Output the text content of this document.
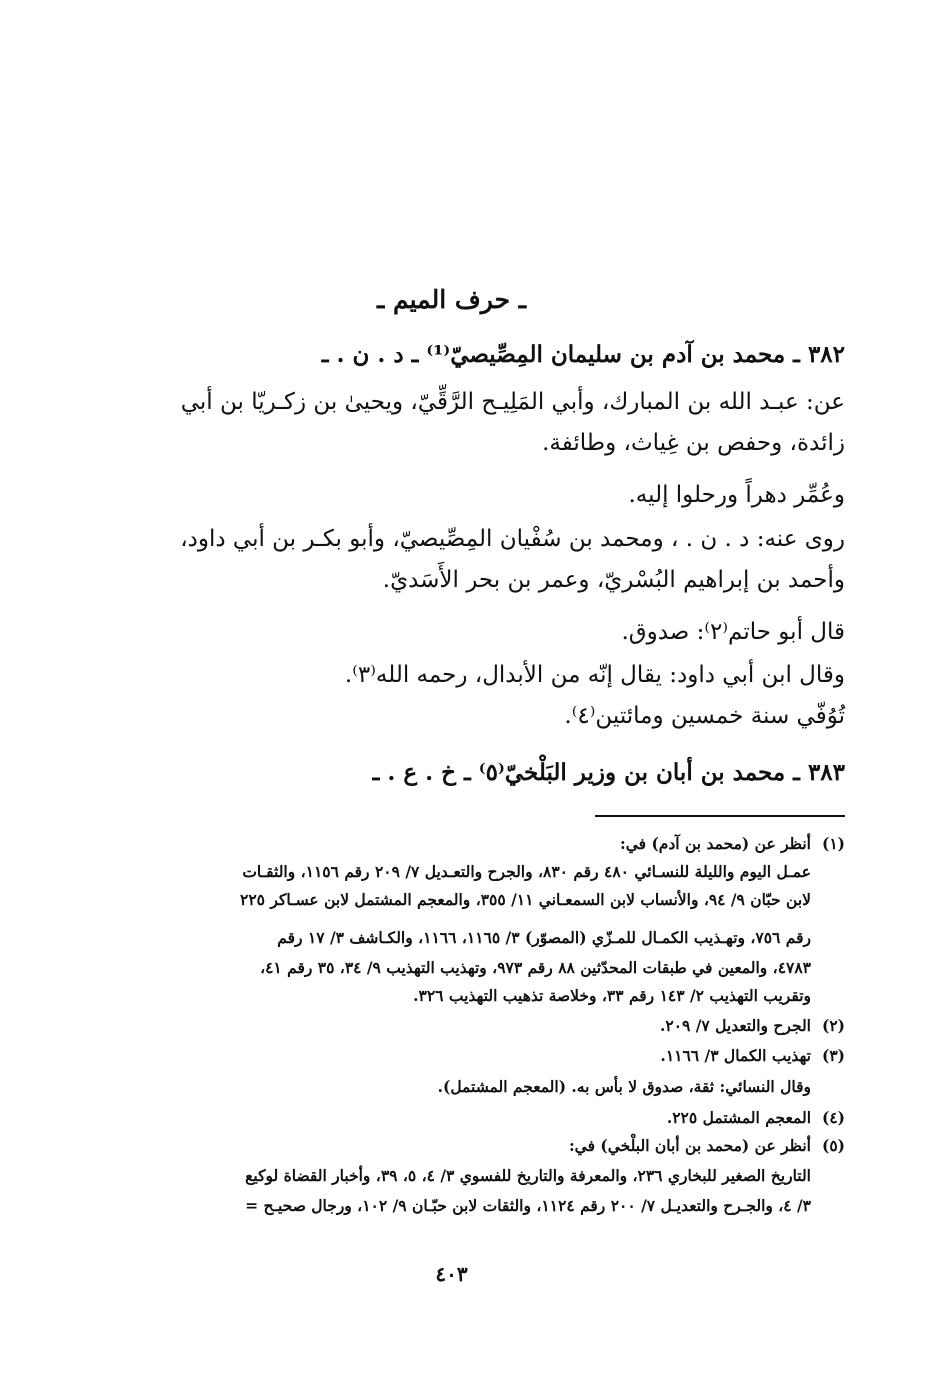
ـ حرف الميم ـ
٣٨٢ ـ محمد بن آدم بن سليمان المِصِّيصيّ⁽¹⁾ ـ د . ن . ـ
عن: عبـد الله بن المبارك، وأبي المَلِيـح الرَّقِّيّ، ويحيىٰ بن زكـريّا بن أبي
زائدة، وحفص بن غِياث، وطائفة.
وعُمِّر دهراً ورحلوا إليه.
روى عنه: د . ن . ، ومحمد بن سُفْيان المِصِّيصيّ، وأبو بكـر بن أبي داود،
وأحمد بن إبراهيم البُسْريّ، وعمر بن بحر الأَسَديّ.
قال أبو حاتم⁽٢⁾: صدوق.
وقال ابن أبي داود: يقال إنّه من الأبدال، رحمه الله⁽٣⁾.
تُوُفّي سنة خمسين ومائتين⁽٤⁾.
٣٨٣ ـ محمد بن أبان بن وزير البَلْخيّ⁽٥⁾ ـ خ . ع . ـ
(١)أنظر عن (محمد بن آدم) في:
عمـل اليوم والليلة للنسـائي ٤٨٠ رقم ٨٣٠، والجرح والتعـديل ٧/ ٢٠٩ رقم ١١٥٦، والثقـات
لابن حبّان ٩/ ٩٤، والأنساب لابن السمعـاني ١١/ ٣٥٥، والمعجم المشتمل لابن عسـاكر ٢٢٥
رقم ٧٥٦، وتهـذيب الكمـال للمـزّي (المصوّر) ٣/ ١١٦٥، ١١٦٦، والكـاشف ٣/ ١٧ رقم
٤٧٨٣، والمعين في طبقات المحدّثين ٨٨ رقم ٩٧٣، وتهذيب التهذيب ٩/ ٣٤، ٣٥ رقم ٤١،
وتقريب التهذيب ٢/ ١٤٣ رقم ٣٣، وخلاصة تذهيب التهذيب ٣٢٦.
(٢)الجرح والتعديل ٧/ ٢٠٩.
(٣)تهذيب الكمال ٣/ ١١٦٦.
وقال النسائي: ثقة، صدوق لا بأس به. (المعجم المشتمل).
(٤)المعجم المشتمل ٢٢٥.
(٥)أنظر عن (محمد بن أبان البلْخي) في:
التاريخ الصغير للبخاري ٢٣٦، والمعرفة والتاريخ للفسوي ٣/ ٤، ٥، ٣٩، وأخبار القضاة لوكيع
٣/ ٤، والجـرح والتعديـل ٧/ ٢٠٠ رقم ١١٢٤، والثقات لابن حبّـان ٩/ ١٠٢، ورجال صحيـح =
٤٠٣
